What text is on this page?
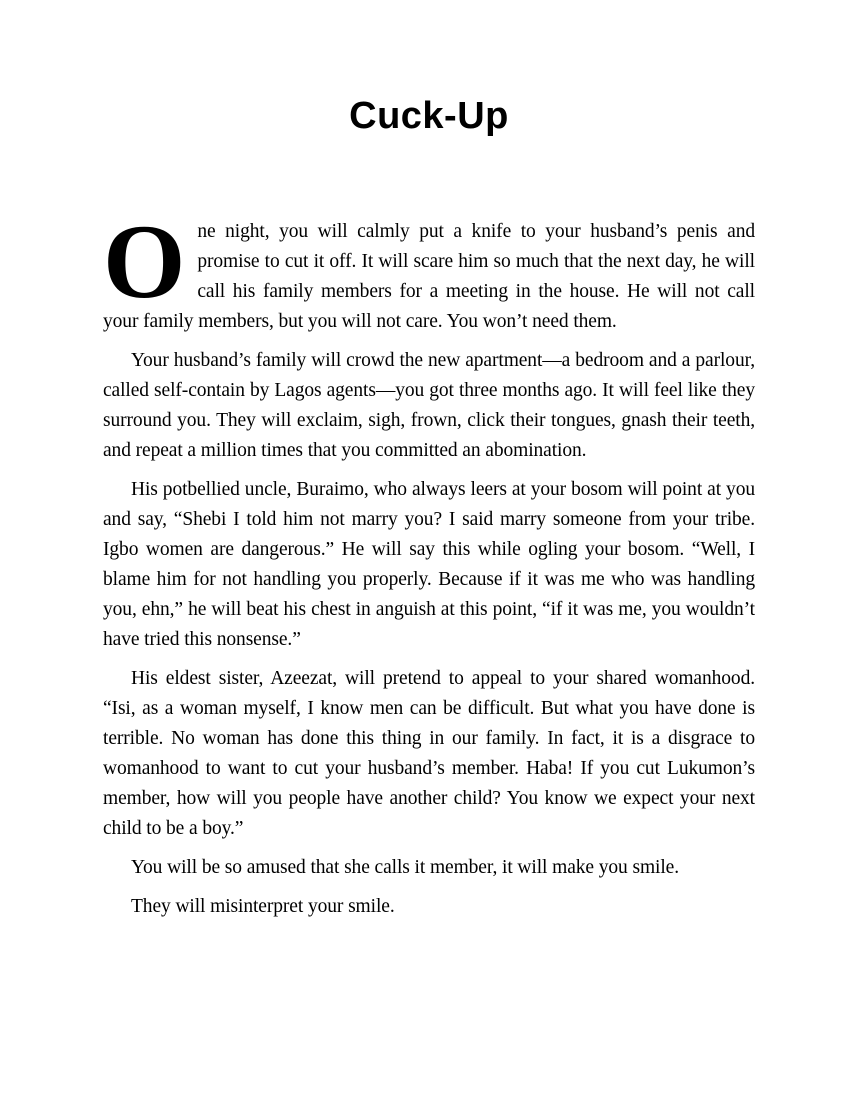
Cuck-Up

One night, you will calmly put a knife to your husband’s penis and promise to cut it off. It will scare him so much that the next day, he will call his family members for a meeting in the house. He will not call your family members, but you will not care. You won’t need them.

Your husband’s family will crowd the new apartment—a bedroom and a parlour, called self-contain by Lagos agents—you got three months ago. It will feel like they surround you. They will exclaim, sigh, frown, click their tongues, gnash their teeth, and repeat a million times that you committed an abomination.

His potbellied uncle, Buraimo, who always leers at your bosom will point at you and say, “Shebi I told him not marry you? I said marry someone from your tribe. Igbo women are dangerous.” He will say this while ogling your bosom. “Well, I blame him for not handling you properly. Because if it was me who was handling you, ehn,” he will beat his chest in anguish at this point, “if it was me, you wouldn’t have tried this nonsense.”

His eldest sister, Azeezat, will pretend to appeal to your shared womanhood. “Isi, as a woman myself, I know men can be difficult. But what you have done is terrible. No woman has done this thing in our family. In fact, it is a disgrace to womanhood to want to cut your husband’s member. Haba! If you cut Lukumon’s member, how will you people have another child? You know we expect your next child to be a boy.”

You will be so amused that she calls it member, it will make you smile.

They will misinterpret your smile.
